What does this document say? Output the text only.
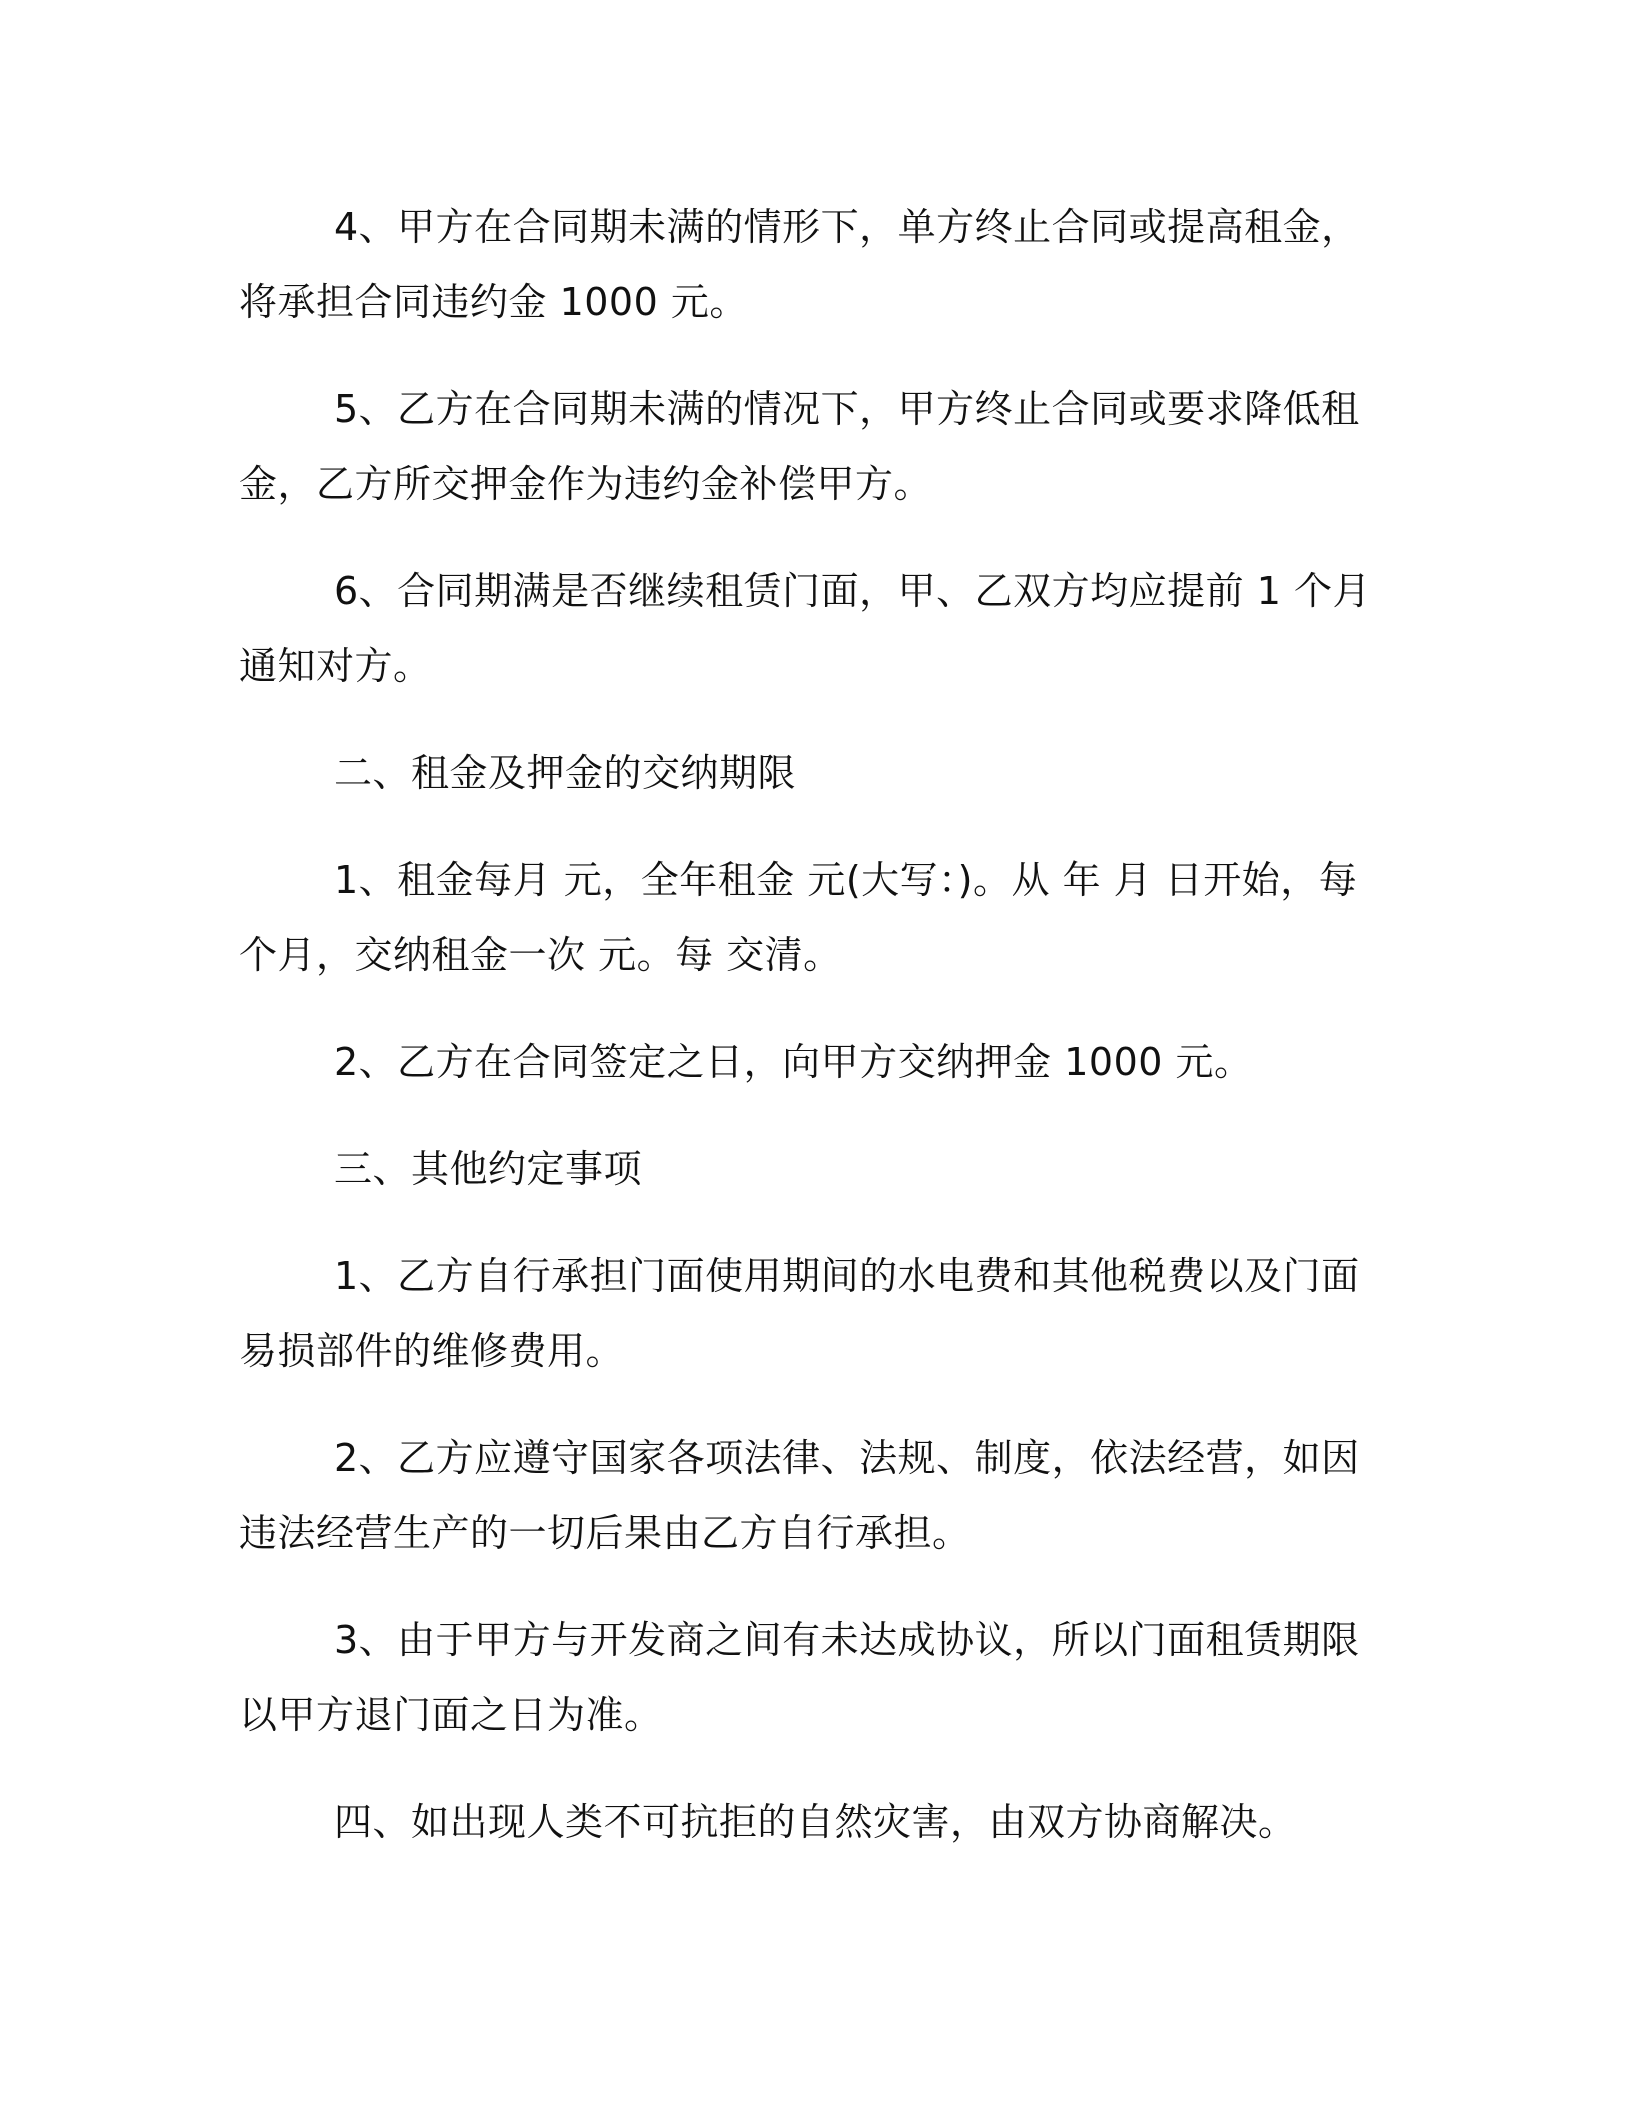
4、甲方在合同期未满的情形下，单方终止合同或提高租金，将承担合同违约金 1000 元。

5、乙方在合同期未满的情况下，甲方终止合同或要求降低租金，乙方所交押金作为违约金补偿甲方。

6、合同期满是否继续租赁门面，甲、乙双方均应提前 1 个月通知对方。

二、租金及押金的交纳期限

1、租金每月 元，全年租金 元(大写：)。从 年 月 日开始，每 个月，交纳租金一次 元。每 交清。

2、乙方在合同签定之日，向甲方交纳押金 1000 元。

三、其他约定事项

1、乙方自行承担门面使用期间的水电费和其他税费以及门面易损部件的维修费用。

2、乙方应遵守国家各项法律、法规、制度，依法经营，如因违法经营生产的一切后果由乙方自行承担。

3、由于甲方与开发商之间有未达成协议，所以门面租赁期限以甲方退门面之日为准。

四、如出现人类不可抗拒的自然灾害，由双方协商解决。
